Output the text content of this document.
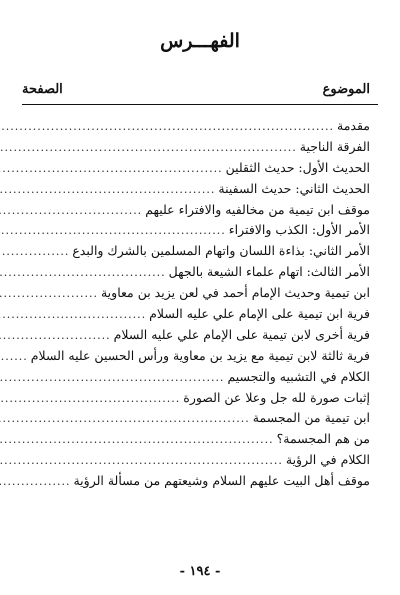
الفهـــرس
الموضوع
الصفحة
مقدمة
.....
الفرقة الناجية
.....
الحديث الأول: حديث الثقلين
.....
الحديث الثاني: حديث السفينة
.....
موقف ابن تيمية من مخالفيه والافتراء عليهم
.....
الأمر الأول: الكذب والافتراء
.....
الأمر الثاني: بذاءة اللسان واتهام المسلمين بالشرك والبدع
.....
الأمر الثالث: اتهام علماء الشيعة بالجهل
.....
ابن تيمية وحديث الإمام أحمد في لعن يزيد بن معاوية
.....
فرية ابن تيمية على الإمام علي عليه السلام
.....
فرية أخرى لابن تيمية على الإمام علي عليه السلام
.....
فرية ثالثة لابن تيمية مع يزيد بن معاوية ورأس الحسين عليه السلام
.....
الكلام في التشبيه والتجسيم
.....
إثبات صورة لله جل وعلا عن الصورة
.....
ابن تيمية من المجسمة
.....
من هم المجسمة؟
.....
الكلام في الرؤية
.....
موقف أهل البيت عليهم السلام وشيعتهم من مسألة الرؤية
.....
- ١٩٤ -
